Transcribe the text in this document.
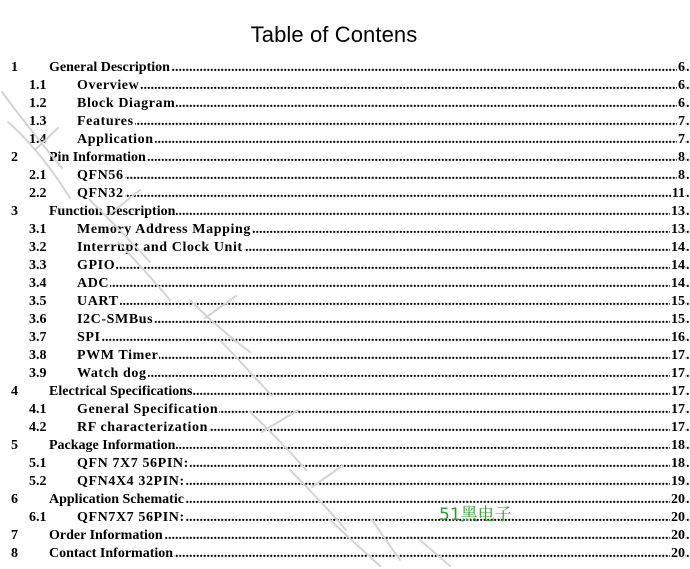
Table of Contens
1 ..... General Description	6
1.1 ..... Overview	6
1.2 ..... Block Diagram	6
1.3 ..... Features	7
1.4 ..... Application	7
2 ..... Pin Information	8
2.1 ..... QFN56	8
2.2 ..... QFN32	11
3 ..... Function Description	13
3.1 ..... Memory Address Mapping	13
3.2 ..... Interrupt and Clock Unit	14
3.3 ..... GPIO	14
3.4 ..... ADC	14
3.5 ..... UART	15
3.6 ..... I2C-SMBus	15
3.7 ..... SPI	16
3.8 ..... PWM Timer	17
3.9 ..... Watch dog	17
4 ..... Electrical Specifications	17
4.1 ..... General Specification	17
4.2 ..... RF characterization	17
5 ..... Package Information	18
5.1 ..... QFN 7X7 56PIN:	18
5.2 ..... QFN4X4 32PIN:	19
6 ..... Application Schematic	20
6.1 ..... QFN7X7 56PIN:	20
7 ..... Order Information	20
8 ..... Contact Information	20
51黑电子
